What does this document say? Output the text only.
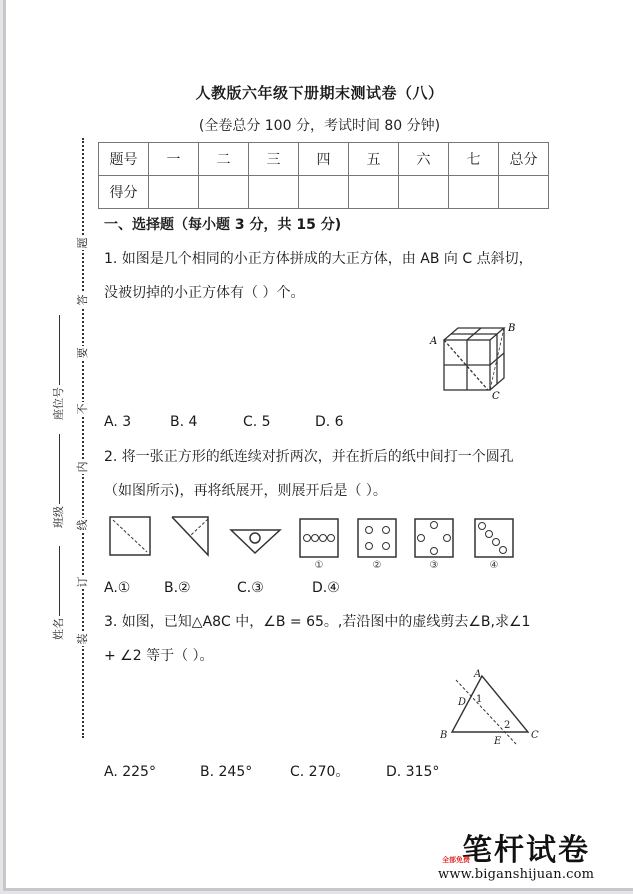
人教版六年级下册期末测试卷（八）
(全卷总分 100 分，考试时间 80 分钟)
题号	一	二	三	四	五	六	七	总分
得分								
题
答
要
不
内
线
订
装
座位号
班级
姓名
一、选择题（每小题 3 分，共 15 分)
1. 如图是几个相同的小正方体拼成的大正方体，由 AB 向 C 点斜切，
没被切掉的小正方体有（ ）个。
A
B
C
A. 3	B. 4	C. 5	D. 6
2. 将一张正方形的纸连续对折两次，并在折后的纸中间打一个圆孔
（如图所示)，再将纸展开，则展开后是（ ）。
①	②	③	④
A.① B.②	C.③	D.④
3. 如图，已知△A8C 中，∠B = 65。,若沿图中的虚线剪去∠B,求∠1
+ ∠2 等于（ ）。
A
B	C
D
E
1
2
A. 225°	B. 245°	C. 270。	D. 315°
笔杆试卷
全部免费
www.biganshijuan.com
